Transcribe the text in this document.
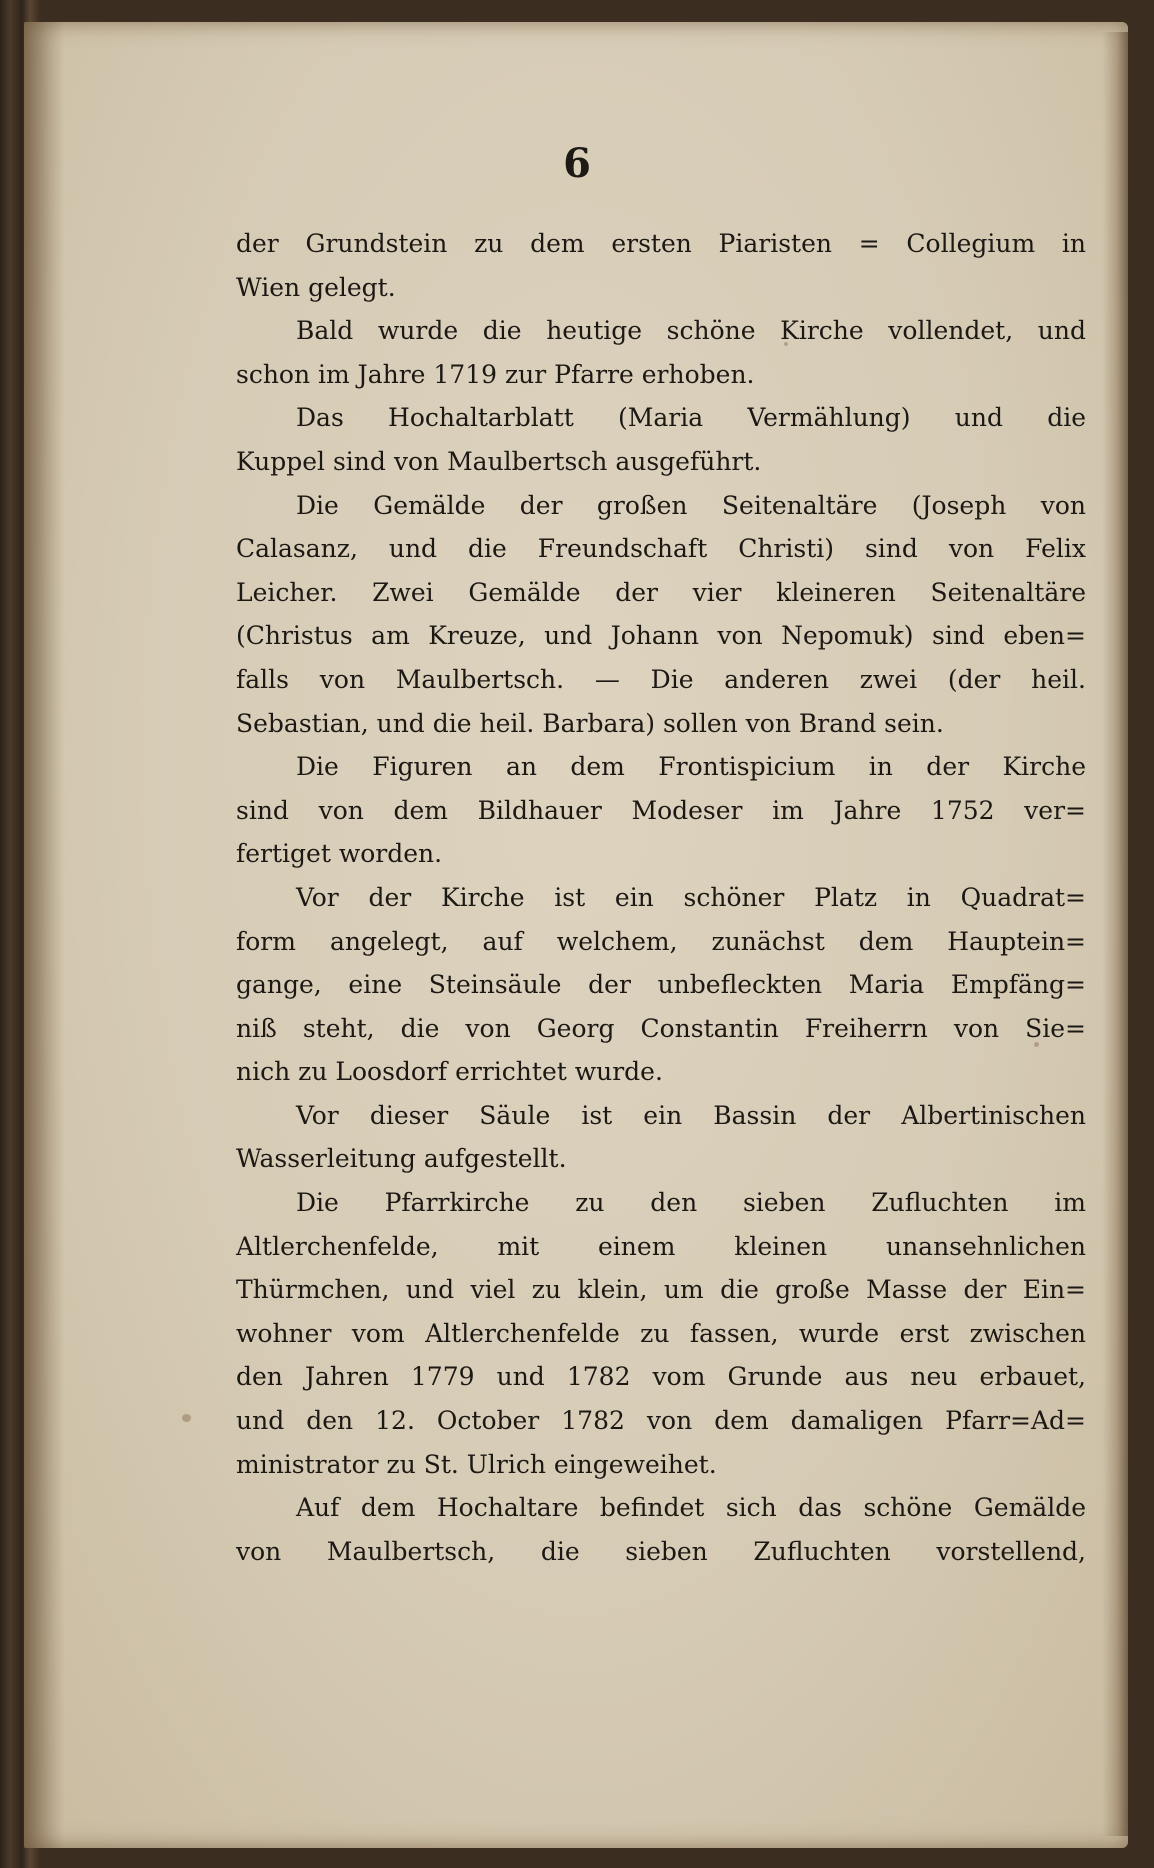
6
der Grundstein zu dem ersten Piaristen = Collegium in
Wien gelegt.
Bald wurde die heutige schöne Kirche vollendet, und
schon im Jahre 1719 zur Pfarre erhoben.
Das Hochaltarblatt (Maria Vermählung) und die
Kuppel sind von Maulbertsch ausgeführt.
Die Gemälde der großen Seitenaltäre (Joseph von
Calasanz, und die Freundschaft Christi) sind von Felix
Leicher. Zwei Gemälde der vier kleineren Seitenaltäre
(Christus am Kreuze, und Johann von Nepomuk) sind eben=
falls von Maulbertsch. — Die anderen zwei (der heil.
Sebastian, und die heil. Barbara) sollen von Brand sein.
Die Figuren an dem Frontispicium in der Kirche
sind von dem Bildhauer Modeser im Jahre 1752 ver=
fertiget worden.
Vor der Kirche ist ein schöner Platz in Quadrat=
form angelegt, auf welchem, zunächst dem Hauptein=
gange, eine Steinsäule der unbefleckten Maria Empfäng=
niß steht, die von Georg Constantin Freiherrn von Sie=
nich zu Loosdorf errichtet wurde.
Vor dieser Säule ist ein Bassin der Albertinischen
Wasserleitung aufgestellt.
Die Pfarrkirche zu den sieben Zufluchten im
Altlerchenfelde, mit einem kleinen unansehnlichen
Thürmchen, und viel zu klein, um die große Masse der Ein=
wohner vom Altlerchenfelde zu fassen, wurde erst zwischen
den Jahren 1779 und 1782 vom Grunde aus neu erbauet,
und den 12. October 1782 von dem damaligen Pfarr=Ad=
ministrator zu St. Ulrich eingeweihet.
Auf dem Hochaltare befindet sich das schöne Gemälde
von Maulbertsch, die sieben Zufluchten vorstellend,
